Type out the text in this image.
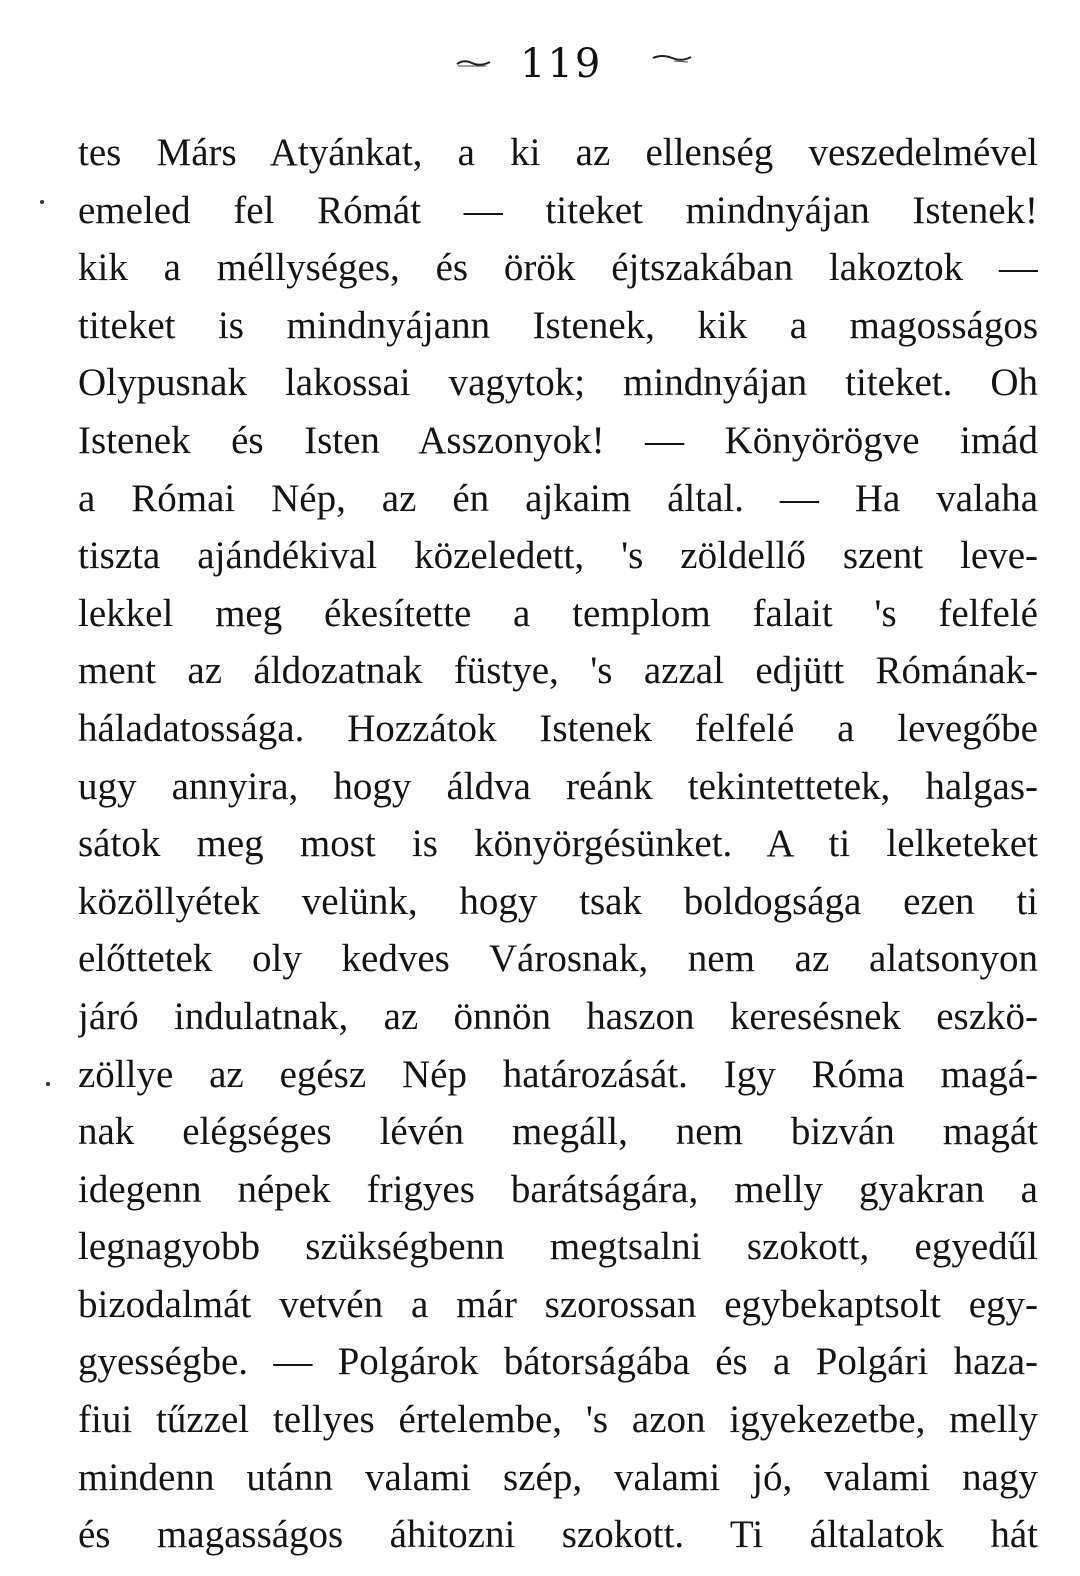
119
tes Márs Atyánkat, a ki az ellenség veszedelmével
emeled fel Rómát — titeket mindnyájan Istenek!
kik a méllységes, és örök éjtszakában lakoztok —
titeket is mindnyájann Istenek, kik a magosságos
Olypusnak lakossai vagytok; mindnyájan titeket. Oh
Istenek és Isten Asszonyok! — Könyörögve imád
a Római Nép, az én ajkaim által. — Ha valaha
tiszta ajándékival közeledett, 's zöldellő szent leve-
lekkel meg ékesítette a templom falait 's felfelé
ment az áldozatnak füstye, 's azzal edjütt Rómának-
háladatossága. Hozzátok Istenek felfelé a levegőbe
ugy annyira, hogy áldva reánk tekintettetek, halgas-
sátok meg most is könyörgésünket. A ti lelketeket
közöllyétek velünk, hogy tsak boldogsága ezen ti
előttetek oly kedves Városnak, nem az alatsonyon
járó indulatnak, az önnön haszon keresésnek eszkö-
zöllye az egész Nép határozását. Igy Róma magá-
nak elégséges lévén megáll, nem bizván magát
idegenn népek frigyes barátságára, melly gyakran a
legnagyobb szükségbenn megtsalni szokott, egyedűl
bizodalmát vetvén a már szorossan egybekaptsolt egy-
gyességbe. — Polgárok bátorságába és a Polgári haza-
fiui tűzzel tellyes értelembe, 's azon igyekezetbe, melly
mindenn utánn valami szép, valami jó, valami nagy
és magasságos áhitozni szokott. Ti általatok hát
